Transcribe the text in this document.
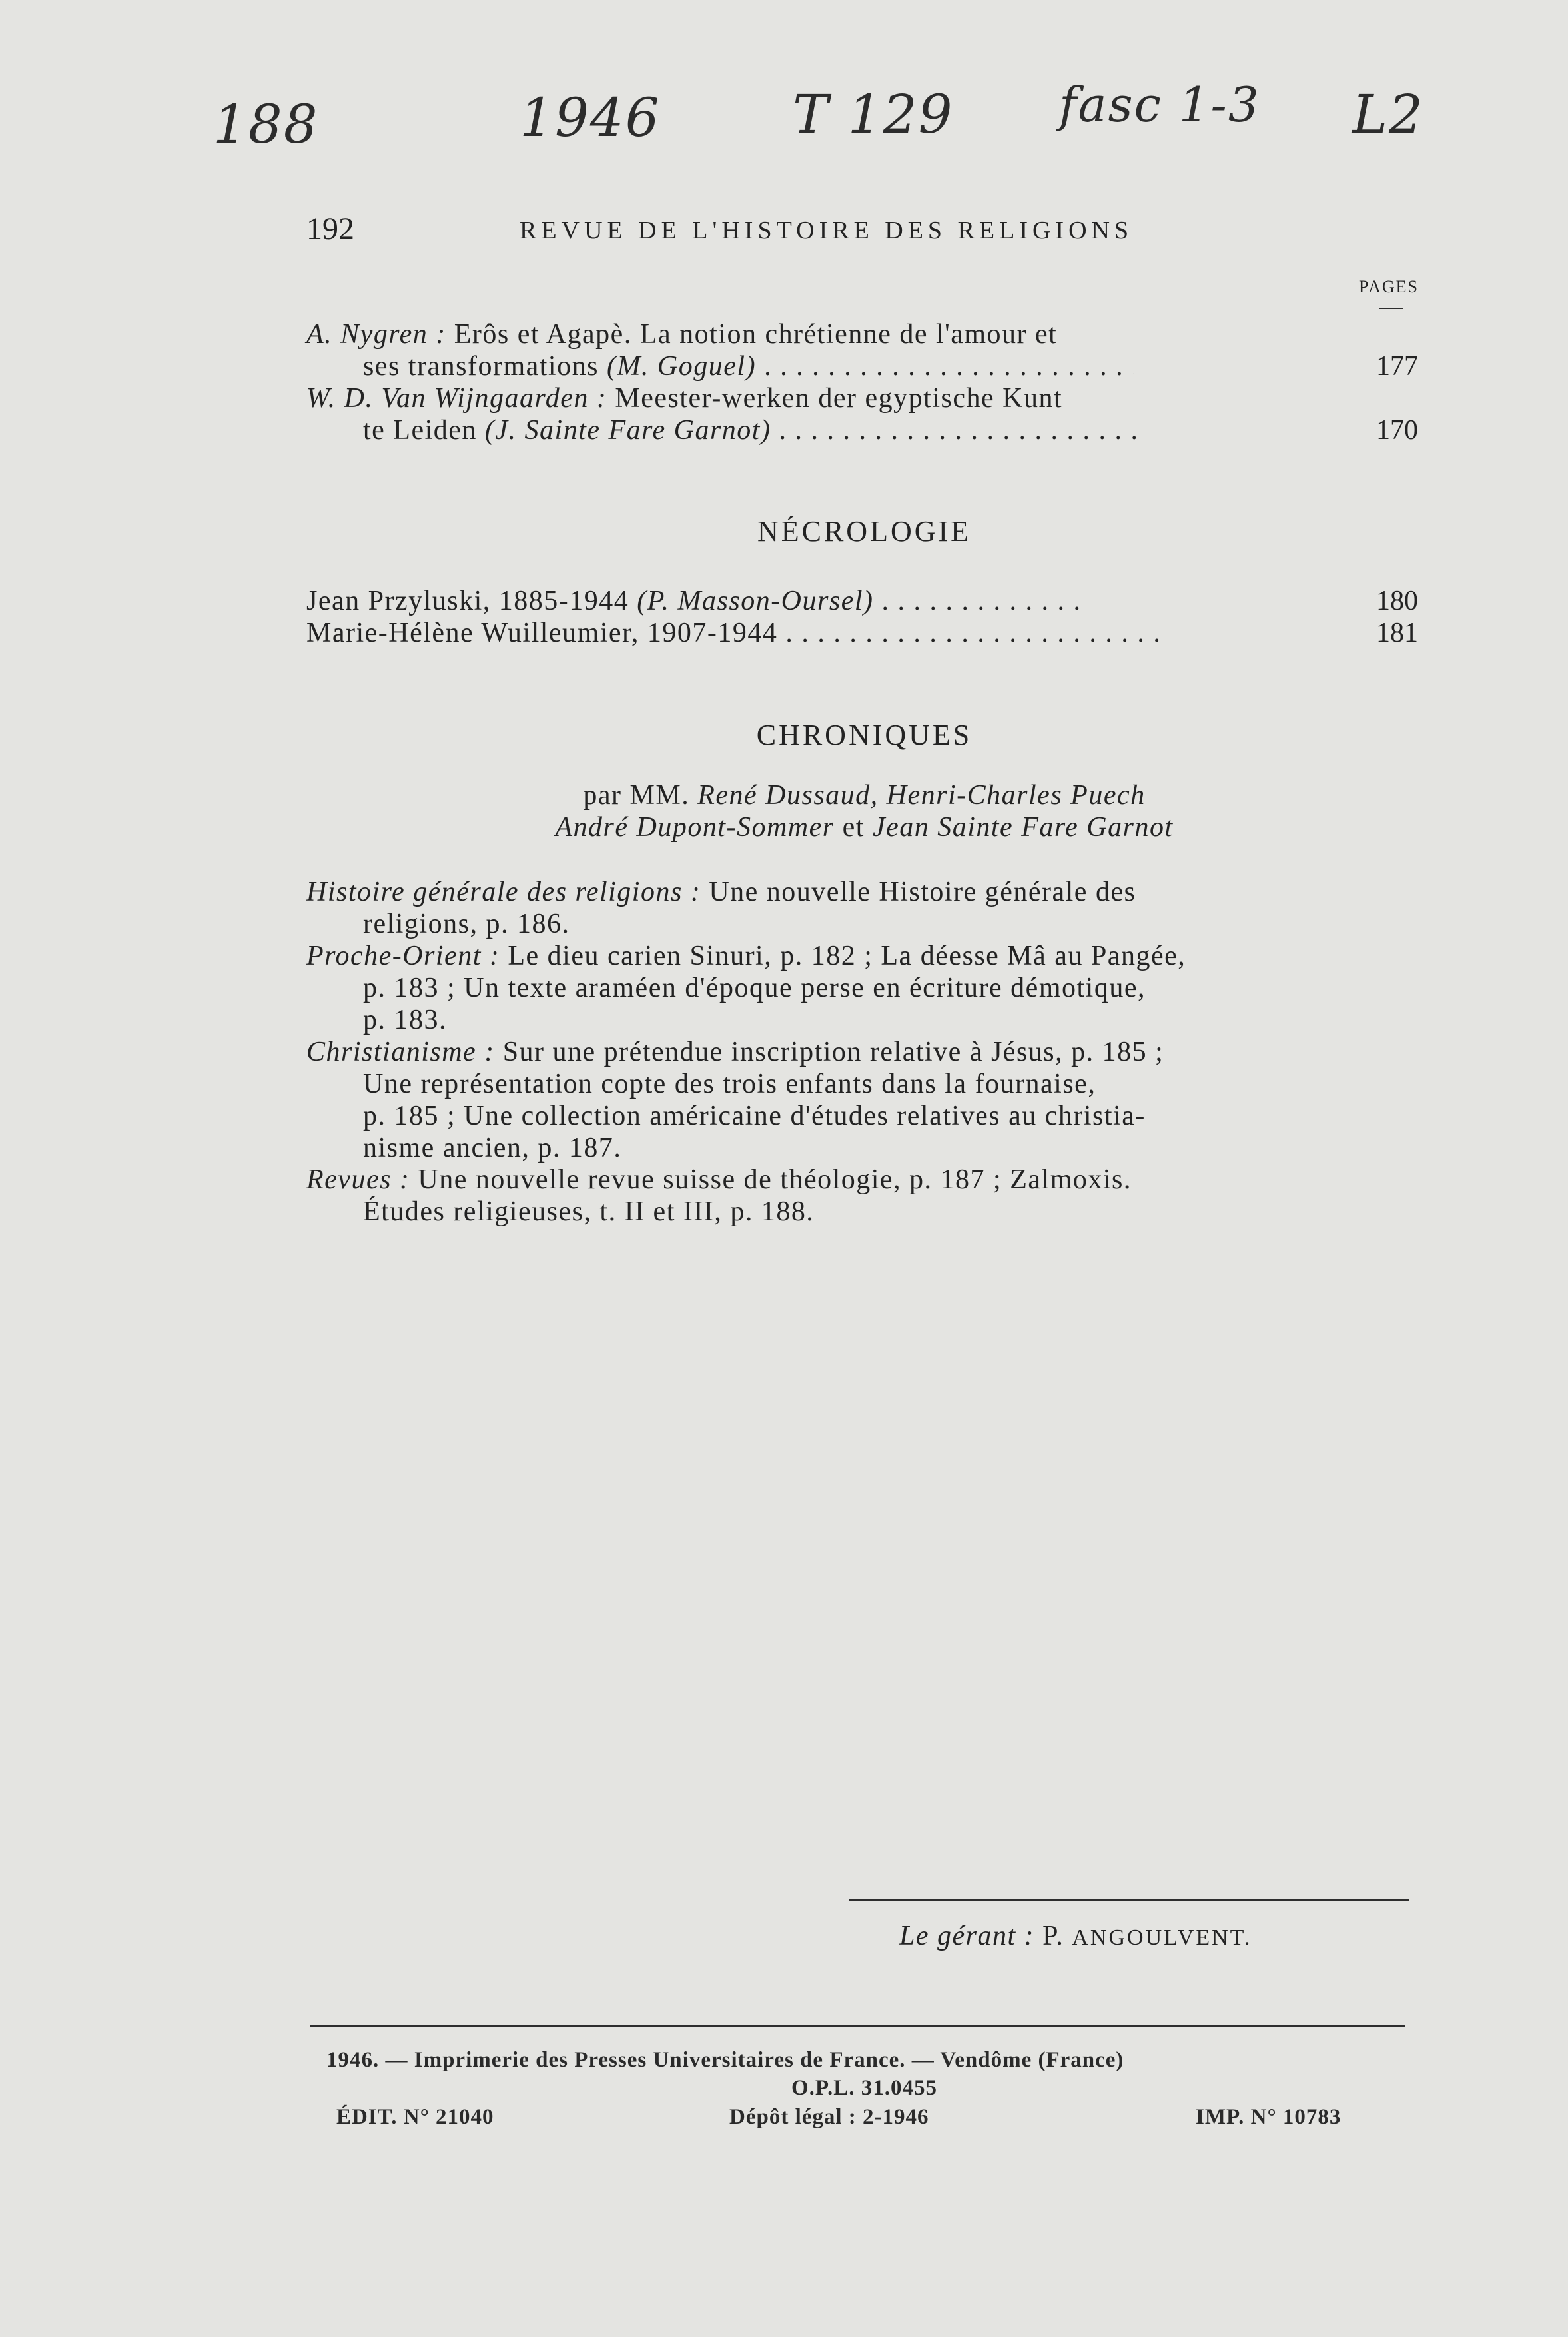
188	1946 T 129 fasc 1-3 L2
192	REVUE DE L'HISTOIRE DES RELIGIONS
PAGES
A. Nygren : Erôs et Agapè. La notion chrétienne de l'amour et
ses transformations (M. Goguel) . . .	177
W. D. Van Wijngaarden : Meester-werken der egyptische Kunt
te Leiden (J. Sainte Fare Garnot) . . .	170
NÉCROLOGIE
Jean Przyluski, 1885-1944 (P. Masson-Oursel) . . .	180
Marie-Hélène Wuilleumier, 1907-1944 . . .	181
CHRONIQUES
par MM. René Dussaud, Henri-Charles Puech
André Dupont-Sommer et Jean Sainte Fare Garnot
Histoire générale des religions : Une nouvelle Histoire générale des
religions, p. 186.
Proche-Orient : Le dieu carien Sinuri, p. 182 ; La déesse Mâ au Pangée,
p. 183 ; Un texte araméen d'époque perse en écriture démotique,
p. 183.
Christianisme : Sur une prétendue inscription relative à Jésus, p. 185 ;
Une représentation copte des trois enfants dans la fournaise,
p. 185 ; Une collection américaine d'études relatives au christia-
nisme ancien, p. 187.
Revues : Une nouvelle revue suisse de théologie, p. 187 ; Zalmoxis.
Études religieuses, t. II et III, p. 188.
Le gérant : P. ANGOULVENT.
1946. — Imprimerie des Presses Universitaires de France. — Vendôme (France)
O.P.L. 31.0455
ÉDIT. N° 21040	Dépôt légal : 2-1946	IMP. N° 10783
